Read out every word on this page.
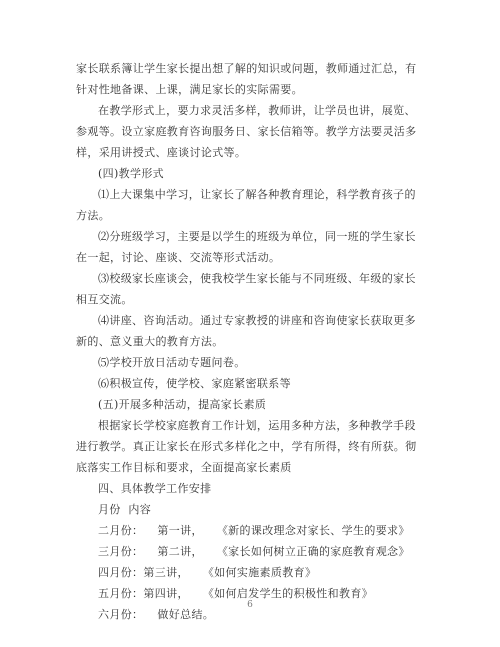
家长联系簿让学生家长提出想了解的知识或问题，教师通过汇总，有针对性地备课、上课，满足家长的实际需要。

在教学形式上，要力求灵活多样，教师讲，让学员也讲，展览、参观等。设立家庭教育咨询服务日、家长信箱等。教学方法要灵活多样，采用讲授式、座谈讨论式等。

(四)教学形式

⑴上大课集中学习，让家长了解各种教育理论，科学教育孩子的方法。

⑵分班级学习，主要是以学生的班级为单位，同一班的学生家长在一起，讨论、座谈、交流等形式活动。

⑶校级家长座谈会，使我校学生家长能与不同班级、年级的家长相互交流。

⑷讲座、咨询活动。通过专家教授的讲座和咨询使家长获取更多新的、意义重大的教育方法。

⑸学校开放日活动专题问卷。

⑹积极宣传，使学校、家庭紧密联系等

(五)开展多种活动，提高家长素质

根据家长学校家庭教育工作计划，运用多种方法，多种教学手段进行教学。真正让家长在形式多样化之中，学有所得，终有所获。彻底落实工作目标和要求，全面提高家长素质

四、具体教学工作安排

月份  内容

二月份： 第一讲， 《新的课改理念对家长、学生的要求》
三月份： 第二讲， 《家长如何树立正确的家庭教育观念》
四月份： 第三讲， 《如何实施素质教育》
五月份： 第四讲， 《如何启发学生的积极性和教育》
六月份： 做好总结。
6
